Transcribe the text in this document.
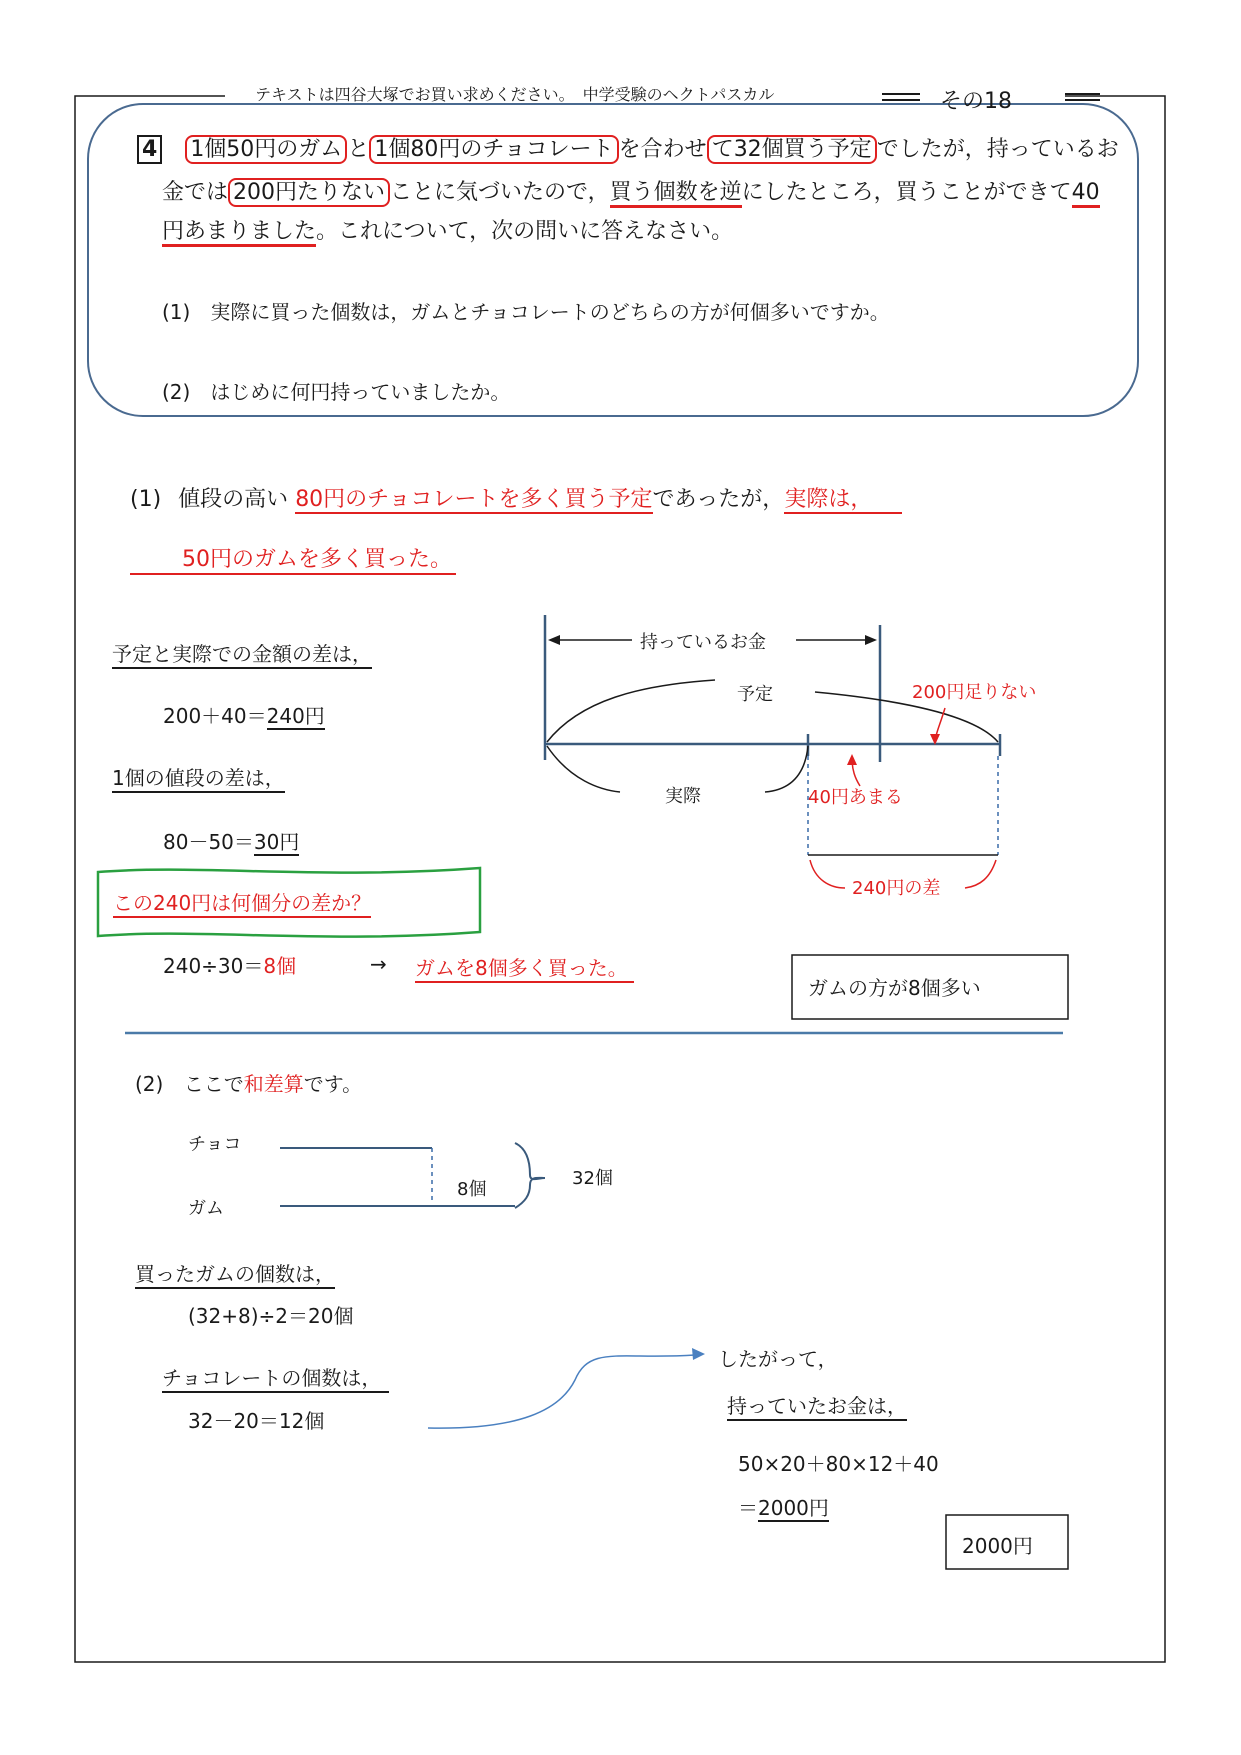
テキストは四谷大塚でお買い求めください。　中学受験のヘクトパスカル	その18
4 1個50円のガム と 1個80円のチョコレート を合わせ て32個買う予定 でしたが，持っているお
金では 200円たりない ことに気づいたので，買う個数を逆にしたところ，買うことができて40
円あまりました。これについて，次の問いに答えなさい。
(1) 実際に買った個数は，ガムとチョコレートのどちらの方が何個多いですか。
(2) はじめに何円持っていましたか。
(1) 値段の高い 80円のチョコレートを多く買う予定であったが，実際は，
50円のガムを多く買った。
予定と実際での金額の差は，
200＋40＝240円
1個の値段の差は，
80－50＝30円
この240円は何個分の差か？
240÷30＝8個	→ ガムを8個多く買った。
ガムの方が8個多い
持っているお金
予定
実際
200円足りない
40円あまる
240円の差
(2) ここで和差算です。
チョコ
ガム
8個
32個
買ったガムの個数は，
(32+8)÷2＝20個
チョコレートの個数は，
32－20＝12個
したがって，
持っていたお金は，
50×20＋80×12＋40
＝2000円
2000円
